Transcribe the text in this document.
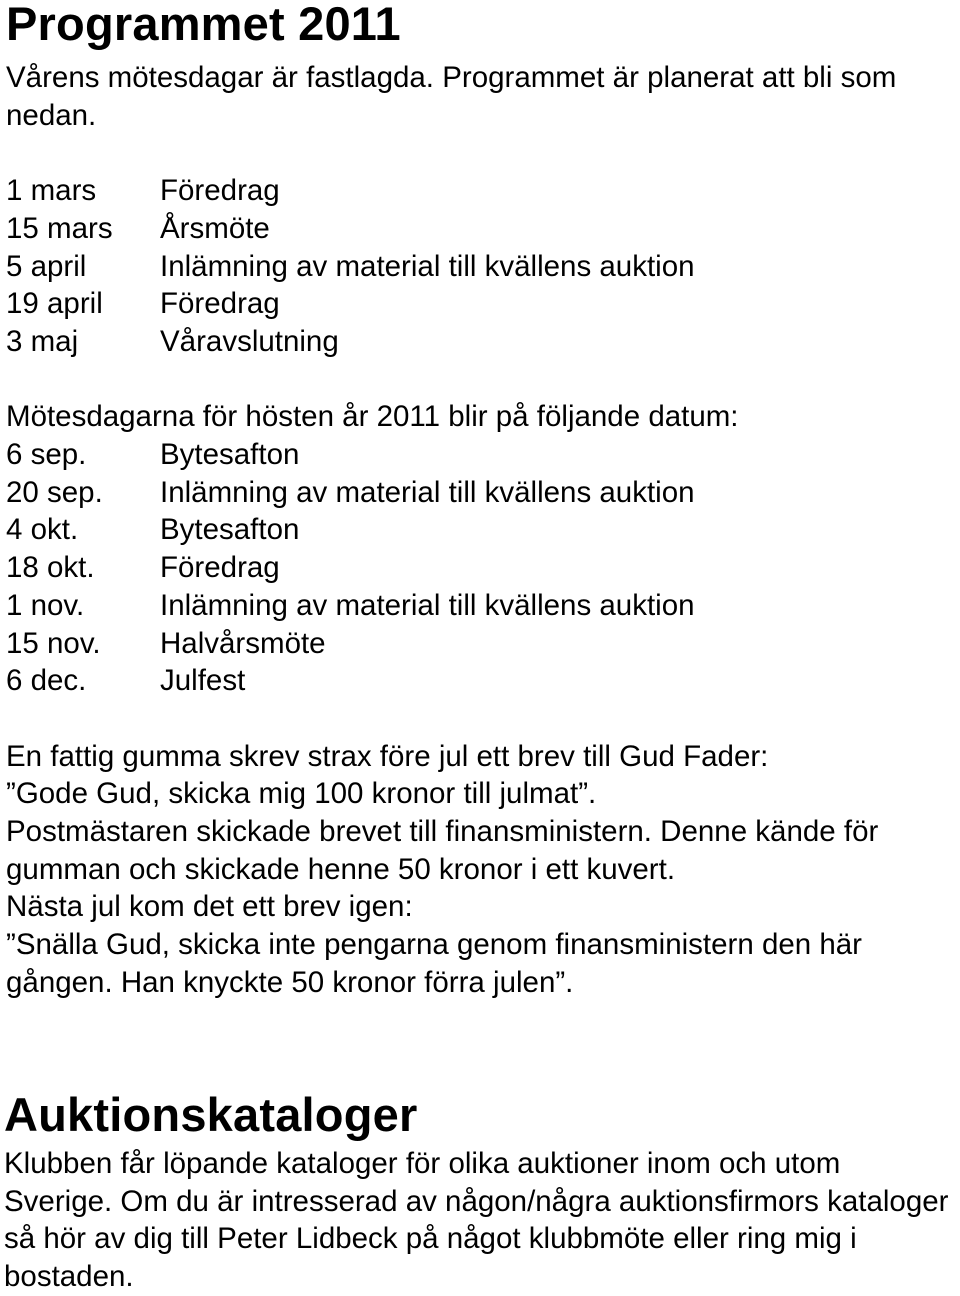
Programmet 2011

Vårens mötesdagar är fastlagda. Programmet är planerat att bli som nedan.

1 mars	Föredrag
15 mars	Årsmöte
5 april	Inlämning av material till kvällens auktion
19 april	Föredrag
3 maj	Våravslutning

Mötesdagarna för hösten år 2011 blir på följande datum:

6 sep.	Bytesafton
20 sep.	Inlämning av material till kvällens auktion
4 okt.	Bytesafton
18 okt.	Föredrag
1 nov.	Inlämning av material till kvällens auktion
15 nov.	Halvårsmöte
6 dec.	Julfest

En fattig gumma skrev strax före jul ett brev till Gud Fader:

”Gode Gud, skicka mig 100 kronor till julmat”.

Postmästaren skickade brevet till finansministern. Denne kände för gumman och skickade henne 50 kronor i ett kuvert.

Nästa jul kom det ett brev igen:

”Snälla Gud, skicka inte pengarna genom finansministern den här gången. Han knyckte 50 kronor förra julen”.

Auktionskataloger

Klubben får löpande kataloger för olika auktioner inom och utom Sverige. Om du är intresserad av någon/några auktionsfirmors kataloger så hör av dig till Peter Lidbeck på något klubbmöte eller ring mig i bostaden.
